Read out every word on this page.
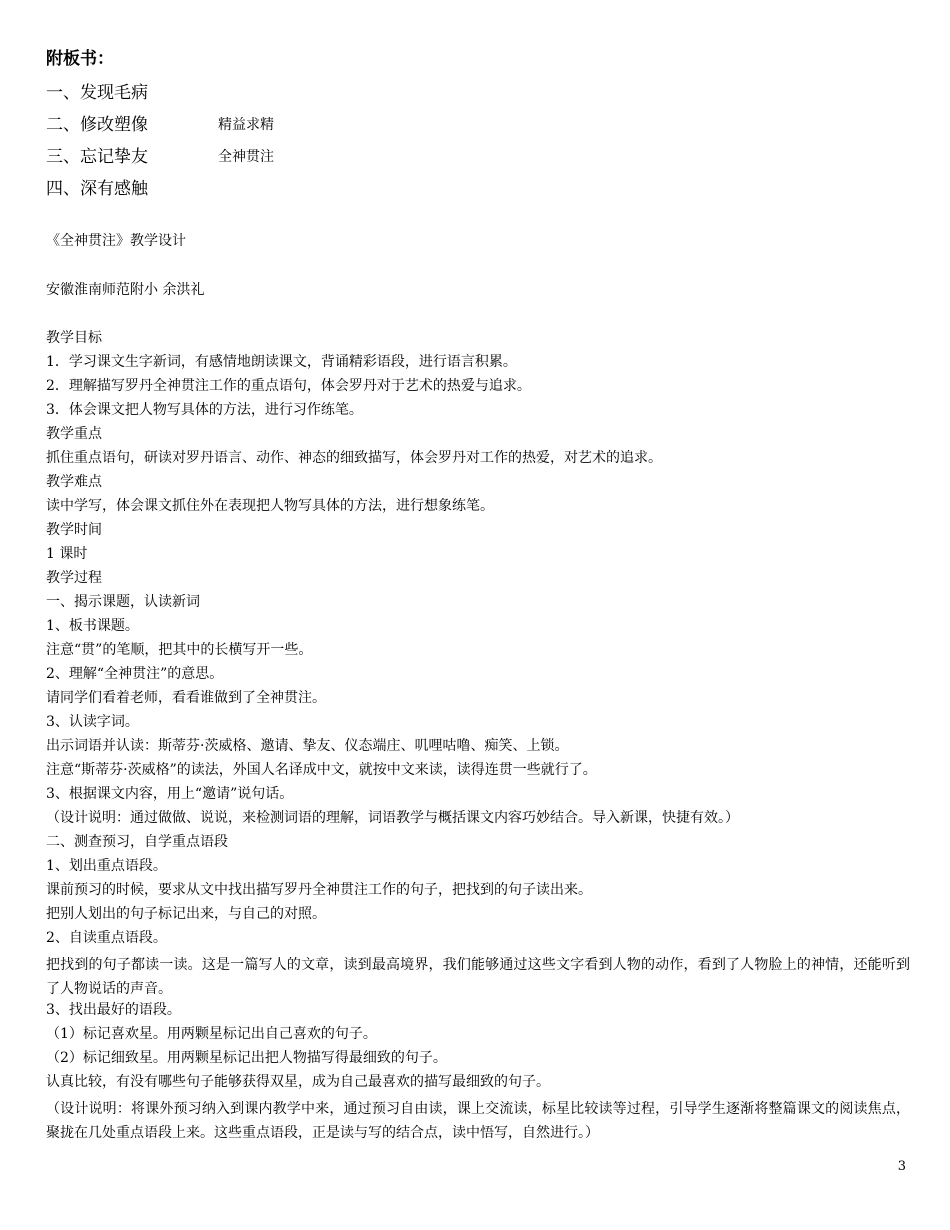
附板书：
一、发现毛病
二、修改塑像	精益求精
三、忘记挚友	全神贯注
四、深有感触
《全神贯注》教学设计
安徽淮南师范附小 余洪礼
教学目标
1．学习课文生字新词，有感情地朗读课文，背诵精彩语段，进行语言积累。
2．理解描写罗丹全神贯注工作的重点语句，体会罗丹对于艺术的热爱与追求。
3．体会课文把人物写具体的方法，进行习作练笔。
教学重点
抓住重点语句，研读对罗丹语言、动作、神态的细致描写，体会罗丹对工作的热爱，对艺术的追求。
教学难点
读中学写，体会课文抓住外在表现把人物写具体的方法，进行想象练笔。
教学时间
1 课时
教学过程
一、揭示课题，认读新词
1、板书课题。
注意“贯”的笔顺，把其中的长横写开一些。
2、理解“全神贯注”的意思。
请同学们看着老师，看看谁做到了全神贯注。
3、认读字词。
出示词语并认读：斯蒂芬·茨威格、邀请、挚友、仪态端庄、叽哩咕噜、痴笑、上锁。
注意“斯蒂芬·茨威格”的读法，外国人名译成中文，就按中文来读，读得连贯一些就行了。
3、根据课文内容，用上“邀请”说句话。
（设计说明：通过做做、说说，来检测词语的理解，词语教学与概括课文内容巧妙结合。导入新课，快捷有效。）
二、测查预习，自学重点语段
1、划出重点语段。
课前预习的时候，要求从文中找出描写罗丹全神贯注工作的句子，把找到的句子读出来。
把别人划出的句子标记出来，与自己的对照。
2、自读重点语段。
把找到的句子都读一读。这是一篇写人的文章，读到最高境界，我们能够通过这些文字看到人物的动作，看到了人物脸上的神情，还能听到了人物说话的声音。
3、找出最好的语段。
（1）标记喜欢星。用两颗星标记出自己喜欢的句子。
（2）标记细致星。用两颗星标记出把人物描写得最细致的句子。
认真比较，有没有哪些句子能够获得双星，成为自己最喜欢的描写最细致的句子。
（设计说明：将课外预习纳入到课内教学中来，通过预习自由读，课上交流读，标星比较读等过程，引导学生逐渐将整篇课文的阅读焦点，聚拢在几处重点语段上来。这些重点语段，正是读与写的结合点，读中悟写，自然进行。）
3
